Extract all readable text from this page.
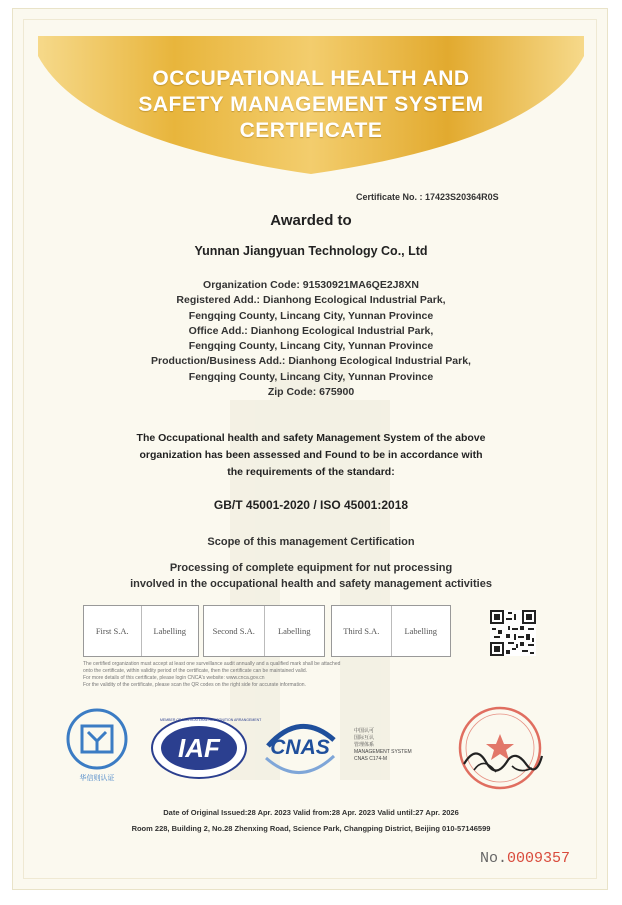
OCCUPATIONAL HEALTH AND
SAFETY MANAGEMENT SYSTEM
CERTIFICATE
Certificate No. : 17423S20364R0S
Awarded to
Yunnan Jiangyuan Technology Co., Ltd
Organization Code: 91530921MA6QE2J8XN
Registered Add.: Dianhong Ecological Industrial Park,
Fengqing County, Lincang City, Yunnan Province
Office Add.: Dianhong Ecological Industrial Park,
Fengqing County, Lincang City, Yunnan Province
Production/Business Add.: Dianhong Ecological Industrial Park,
Fengqing County, Lincang City, Yunnan Province
Zip Code: 675900
The Occupational health and safety Management System of the above
organization has been assessed and Found to be in accordance with
the requirements of the standard:
GB/T 45001-2020 / ISO 45001:2018
Scope of this management Certification
Processing of complete equipment for nut processing
involved in the occupational health and safety management activities
First S.A.	Labelling	Second S.A.	Labelling	Third S.A.	Labelling
The certified organization must accept at least one surveillance audit annually and a qualified mark shall be attached
onto the certificate, within validity period of the certificate, then the certificate can be maintained valid.
For more details of this certificate, please login CNCA's website: www.cnca.gov.cn
For the validity of the certificate, please scan the QR codes on the right side for accurate information.
华信则认证
IAF
MEMBER OF MULTILATERAL RECOGNITION ARRANGEMENT
CNAS
中国认可
国际互认
管理体系
MANAGEMENT SYSTEM
CNAS C174-M
Date of Original Issued:28 Apr. 2023 Valid from:28 Apr. 2023 Valid until:27 Apr. 2026
Room 228, Building 2, No.28 Zhenxing Road, Science Park, Changping District, Beijing 010-57146599
No.0009357
